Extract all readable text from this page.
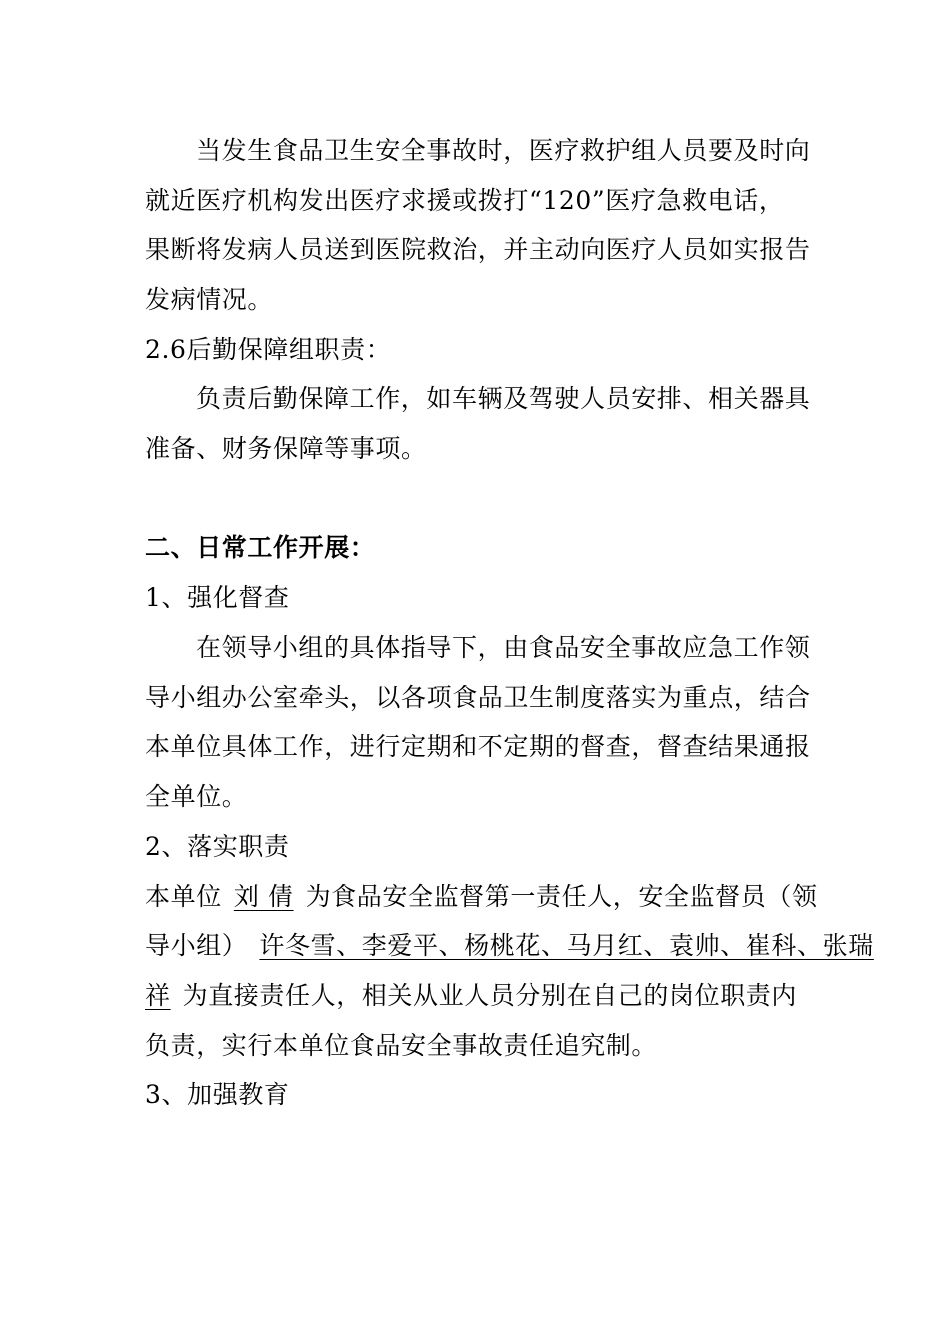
当发生食品卫生安全事故时，医疗救护组人员要及时向
就近医疗机构发出医疗求援或拨打“120”医疗急救电话，
果断将发病人员送到医院救治，并主动向医疗人员如实报告
发病情况。
2.6后勤保障组职责：
负责后勤保障工作，如车辆及驾驶人员安排、相关器具
准备、财务保障等事项。
二、日常工作开展：
1、强化督查
在领导小组的具体指导下，由食品安全事故应急工作领
导小组办公室牵头，以各项食品卫生制度落实为重点，结合
本单位具体工作，进行定期和不定期的督查，督查结果通报
全单位。
2、落实职责
本单位 刘 倩 为食品安全监督第一责任人，安全监督员（领
导小组） 许冬雪、李爱平、杨桃花、马月红、袁帅、崔科、张瑞
祥 为直接责任人，相关从业人员分别在自己的岗位职责内
负责，实行本单位食品安全事故责任追究制。
3、加强教育
